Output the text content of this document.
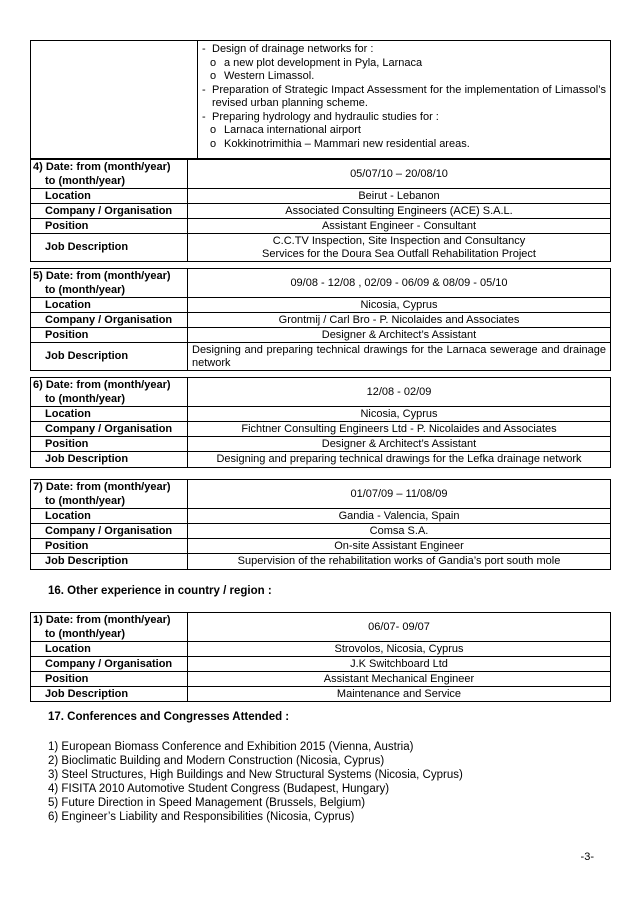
- Design of drainage networks for :
o a new plot development in Pyla, Larnaca
o Western Limassol.
- Preparation of Strategic Impact Assessment for the implementation of Limassol’s revised urban planning scheme.
- Preparing hydrology and hydraulic studies for :
o Larnaca international airport
o Kokkinotrimithia – Mammari new residential areas.
4) Date: from (month/year)	05/07/10 – 20/08/10
to (month/year)	
Location	Beirut - Lebanon
Company / Organisation	Associated Consulting Engineers (ACE) S.A.L.
Position	Assistant Engineer - Consultant
Job Description	C.C.TV Inspection, Site Inspection and Consultancy Services for the Doura Sea Outfall Rehabilitation Project
5) Date: from (month/year)	09/08 - 12/08 , 02/09 - 06/09 & 08/09 - 05/10
to (month/year)	
Location	Nicosia, Cyprus
Company / Organisation	Grontmij / Carl Bro - P. Nicolaides and Associates
Position	Designer & Architect’s Assistant
Job Description	Designing and preparing technical drawings for the Larnaca sewerage and drainage network
6) Date: from (month/year)	12/08 - 02/09
to (month/year)	
Location	Nicosia, Cyprus
Company / Organisation	Fichtner Consulting Engineers Ltd - P. Nicolaides and Associates
Position	Designer & Architect’s Assistant
Job Description	Designing and preparing technical drawings for the Lefka drainage network
7) Date: from (month/year)	01/07/09 – 11/08/09
to (month/year)	
Location	Gandia - Valencia, Spain
Company / Organisation	Comsa S.A.
Position	On-site Assistant Engineer
Job Description	Supervision of the rehabilitation works of Gandia’s port south mole
16. Other experience in country / region :
1) Date: from (month/year)	06/07- 09/07
to (month/year)	
Location	Strovolos, Nicosia, Cyprus
Company / Organisation	J.K Switchboard Ltd
Position	Assistant Mechanical Engineer
Job Description	Maintenance and Service
17. Conferences and Congresses Attended :
1) European Biomass Conference and Exhibition 2015 (Vienna, Austria)
2) Bioclimatic Building and Modern Construction (Nicosia, Cyprus)
3) Steel Structures, High Buildings and New Structural Systems (Nicosia, Cyprus)
4) FISITA 2010 Automotive Student Congress (Budapest, Hungary)
5) Future Direction in Speed Management (Brussels, Belgium)
6) Engineer’s Liability and Responsibilities (Nicosia, Cyprus)
-3-
